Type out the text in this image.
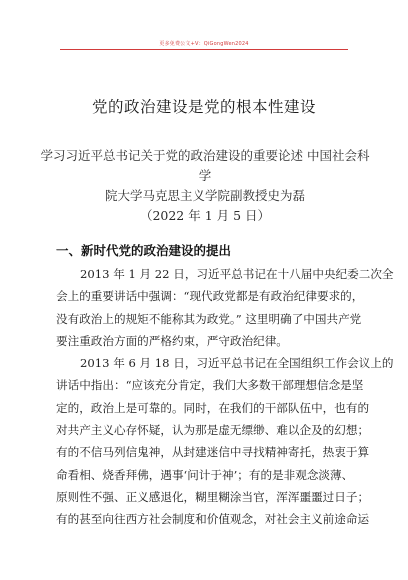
更多免费公文+V：QiGongWen2024
党的政治建设是党的根本性建设
学习习近平总书记关于党的政治建设的重要论述 中国社会科学
院大学马克思主义学院副教授史为磊
（2022 年 1 月 5 日）
一、新时代党的政治建设的提出

2013 年 1 月 22 日，习近平总书记在十八届中央纪委二次全
会上的重要讲话中强调：“现代政党都是有政治纪律要求的，
没有政治上的规矩不能称其为政党。” 这里明确了中国共产党
要注重政治方面的严格约束，严守政治纪律。

2013 年 6 月 18 日，习近平总书记在全国组织工作会议上的
讲话中指出：“应该充分肯定，我们大多数干部理想信念是坚
定的，政治上是可靠的。同时，在我们的干部队伍中，也有的
对共产主义心存怀疑，认为那是虚无缥缈、难以企及的幻想；
有的不信马列信鬼神，从封建迷信中寻找精神寄托，热衷于算
命看相、烧香拜佛，遇事‘问计于神’；有的是非观念淡薄、
原则性不强、正义感退化，糊里糊涂当官，浑浑噩噩过日子；
有的甚至向往西方社会制度和价值观念，对社会主义前途命运
